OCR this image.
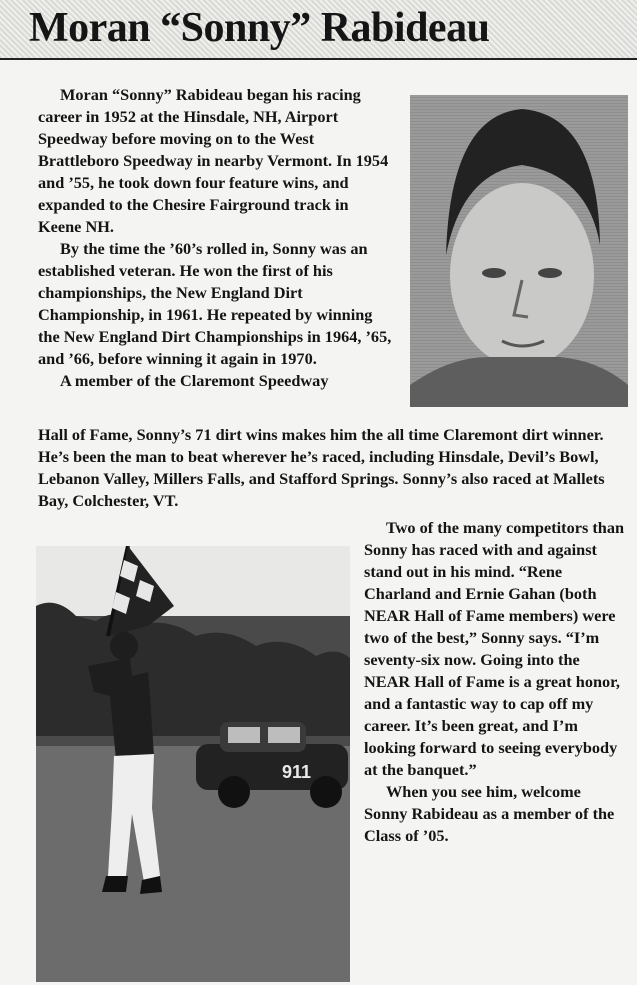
Moran “Sonny” Rabideau

Moran “Sonny” Rabideau began his racing career in 1952 at the Hinsdale, NH, Airport Speedway before moving on to the West Brattleboro Speedway in nearby Vermont. In 1954 and ’55, he took down four feature wins, and expanded to the Chesire Fairground track in Keene NH.

By the time the ’60’s rolled in, Sonny was an established veteran. He won the first of his championships, the New England Dirt Championship, in 1961. He repeated by winning the New England Dirt Championships in 1964, ’65, and ’66, before winning it again in 1970.

A member of the Claremont Speedway

Hall of Fame, Sonny’s 71 dirt wins makes him the all time Claremont dirt winner. He’s been the man to beat wherever he’s raced, including Hinsdale, Devil’s Bowl, Lebanon Valley, Millers Falls, and Stafford Springs. Sonny’s also raced at Mallets Bay, Colchester, VT.

911

Two of the many competitors than Sonny has raced with and against stand out in his mind. “Rene Charland and Ernie Gahan (both NEAR Hall of Fame members) were two of the best,” Sonny says. “I’m seventy-six now. Going into the NEAR Hall of Fame is a great honor, and a fantastic way to cap off my career. It’s been great, and I’m looking forward to seeing everybody at the banquet.”

When you see him, welcome Sonny Rabideau as a member of the Class of ’05.
